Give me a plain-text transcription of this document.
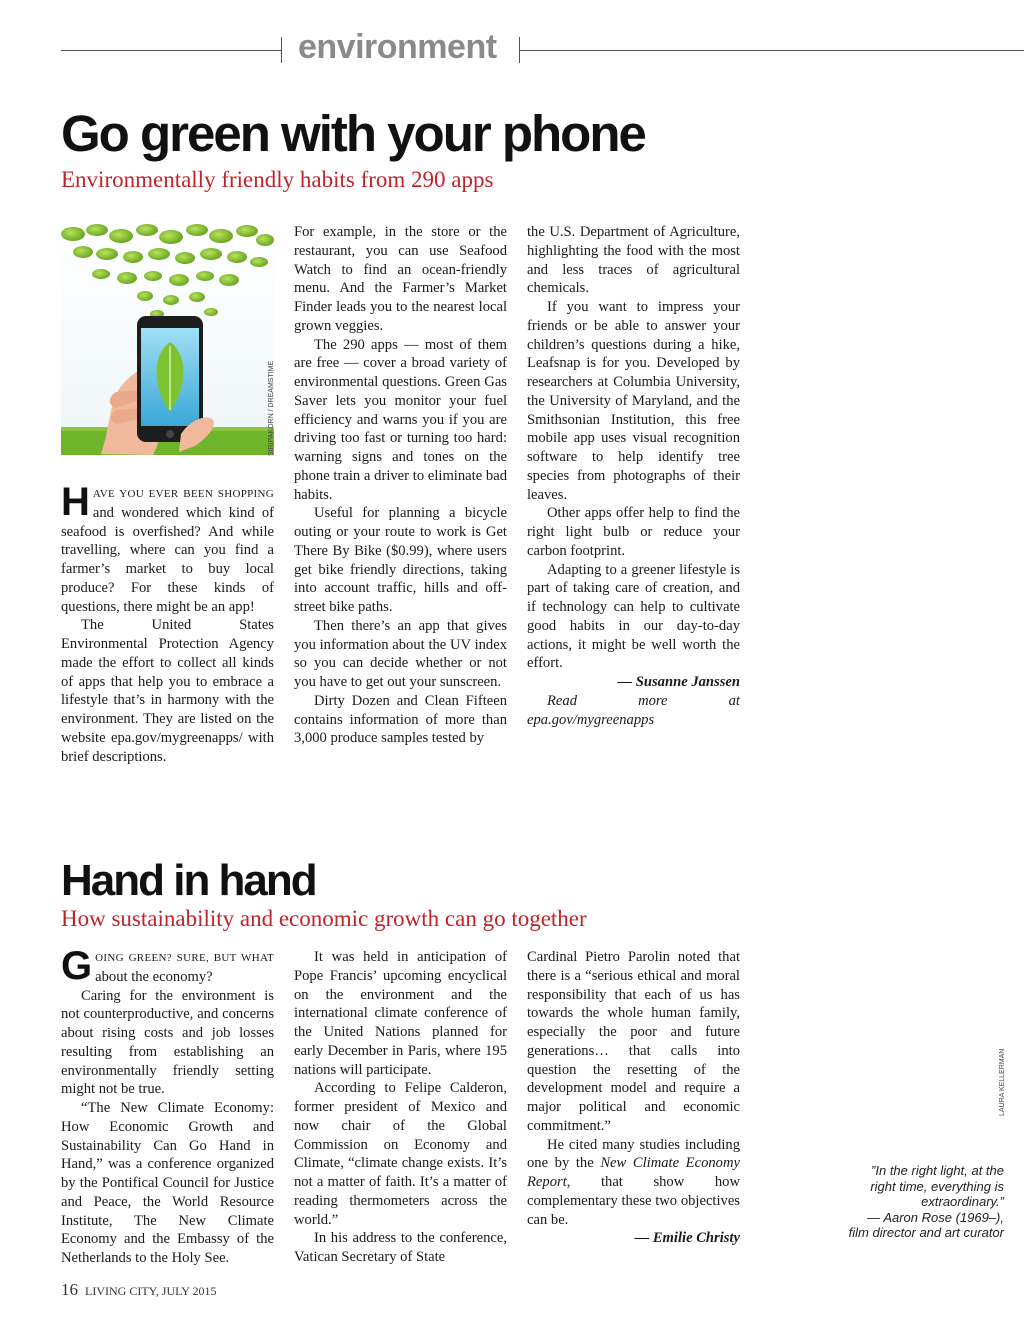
environment
Go green with your phone

Environmentally friendly habits from 290 apps

SIRIPAKORN / DREAMSTIME

HAVE YOU EVER BEEN SHOPPING and wondered which kind of seafood is overfished? And while travelling, where can you find a farmer’s market to buy local produce? For these kinds of questions, there might be an app!

The United States Environmental Protection Agency made the effort to collect all kinds of apps that help you to embrace a lifestyle that’s in harmony with the environment. They are listed on the website epa.gov/mygreenapps/ with brief descriptions.

For example, in the store or the restaurant, you can use Seafood Watch to find an ocean-friendly menu. And the Farmer’s Market Finder leads you to the nearest local grown veggies.

The 290 apps — most of them are free — cover a broad variety of environmental questions. Green Gas Saver lets you monitor your fuel efficiency and warns you if you are driving too fast or turning too hard: warning signs and tones on the phone train a driver to eliminate bad habits.

Useful for planning a bicycle outing or your route to work is Get There By Bike ($0.99), where users get bike friendly directions, taking into account traffic, hills and off-street bike paths.

Then there’s an app that gives you information about the UV index so you can decide whether or not you have to get out your sunscreen.

Dirty Dozen and Clean Fifteen contains information of more than 3,000 produce samples tested by

the U.S. Department of Agriculture, highlighting the food with the most and less traces of agricultural chemicals.

If you want to impress your friends or be able to answer your children’s questions during a hike, Leafsnap is for you. Developed by researchers at Columbia University, the University of Maryland, and the Smithsonian Institution, this free mobile app uses visual recognition software to help identify tree species from photographs of their leaves.

Other apps offer help to find the right light bulb or reduce your carbon footprint.

Adapting to a greener lifestyle is part of taking care of creation, and if technology can help to cultivate good habits in our day-to-day actions, it might be well worth the effort.

— Susanne Janssen

Read more at epa.gov/mygreenapps

Hand in hand

How sustainability and economic growth can go together

GOING GREEN? SURE, BUT WHAT about the economy?

Caring for the environment is not counterproductive, and concerns about rising costs and job losses resulting from establishing an environmentally friendly setting might not be true.

“The New Climate Economy: How Economic Growth and Sustainability Can Go Hand in Hand,” was a conference organized by the Pontifical Council for Justice and Peace, the World Resource Institute, The New Climate Economy and the Embassy of the Netherlands to the Holy See.

It was held in anticipation of Pope Francis’ upcoming encyclical on the environment and the international climate conference of the United Nations planned for early December in Paris, where 195 nations will participate.

According to Felipe Calderon, former president of Mexico and now chair of the Global Commission on Economy and Climate, “climate change exists. It’s not a matter of faith. It’s a matter of reading thermometers across the world.”

In his address to the conference, Vatican Secretary of State

Cardinal Pietro Parolin noted that there is a “serious ethical and moral responsibility that each of us has towards the whole human family, especially the poor and future generations… that calls into question the resetting of the development model and require a major political and economic commitment.”

He cited many studies including one by the New Climate Economy Report, that show how complementary these two objectives can be.

— Emilie Christy

LAURA KELLERMAN
”In the right light, at the right time, everything is extraordinary.”
— Aaron Rose (1969–), film director and art curator
16 LIVING CITY, JULY 2015
